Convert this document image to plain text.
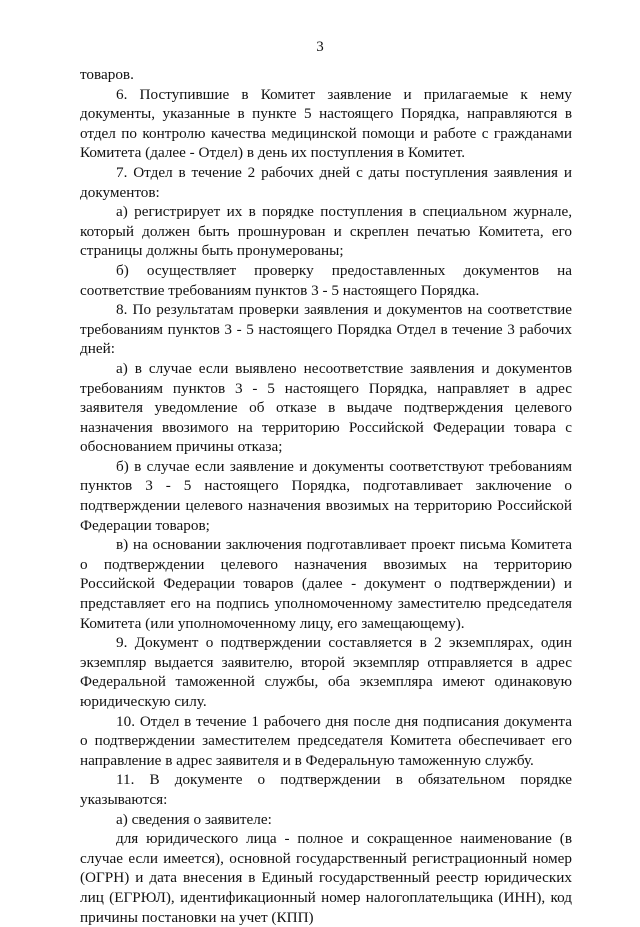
3

товаров.

6. Поступившие в Комитет заявление и прилагаемые к нему документы, указанные в пункте 5 настоящего Порядка, направляются в отдел по контролю качества медицинской помощи и работе с гражданами Комитета (далее - Отдел) в день их поступления в Комитет.

7. Отдел в течение 2 рабочих дней с даты поступления заявления и документов:

а) регистрирует их в порядке поступления в специальном журнале, который должен быть прошнурован и скреплен печатью Комитета, его страницы должны быть пронумерованы;

б) осуществляет проверку предоставленных документов на соответствие требованиям пунктов 3 - 5 настоящего Порядка.

8. По результатам проверки заявления и документов на соответствие требованиям пунктов 3 - 5 настоящего Порядка Отдел в течение 3 рабочих дней:

а) в случае если выявлено несоответствие заявления и документов требованиям пунктов 3 - 5 настоящего Порядка, направляет в адрес заявителя уведомление об отказе в выдаче подтверждения целевого назначения ввозимого на территорию Российской Федерации товара с обоснованием причины отказа;

б) в случае если заявление и документы соответствуют требованиям пунктов 3 - 5 настоящего Порядка, подготавливает заключение о подтверждении целевого назначения ввозимых на территорию Российской Федерации товаров;

в) на основании заключения подготавливает проект письма Комитета о подтверждении целевого назначения ввозимых на территорию Российской Федерации товаров (далее - документ о подтверждении) и представляет его на подпись уполномоченному заместителю председателя Комитета (или уполномоченному лицу, его замещающему).

9. Документ о подтверждении составляется в 2 экземплярах, один экземпляр выдается заявителю, второй экземпляр отправляется в адрес Федеральной таможенной службы, оба экземпляра имеют одинаковую юридическую силу.

10. Отдел в течение 1 рабочего дня после дня подписания документа о подтверждении заместителем председателя Комитета обеспечивает его направление в адрес заявителя и в Федеральную таможенную службу.

11. В документе о подтверждении в обязательном порядке указываются:

а) сведения о заявителе:

для юридического лица - полное и сокращенное наименование (в случае если имеется), основной государственный регистрационный номер (ОГРН) и дата внесения в Единый государственный реестр юридических лиц (ЕГРЮЛ), идентификационный номер налогоплательщика (ИНН), код причины постановки на учет (КПП)
